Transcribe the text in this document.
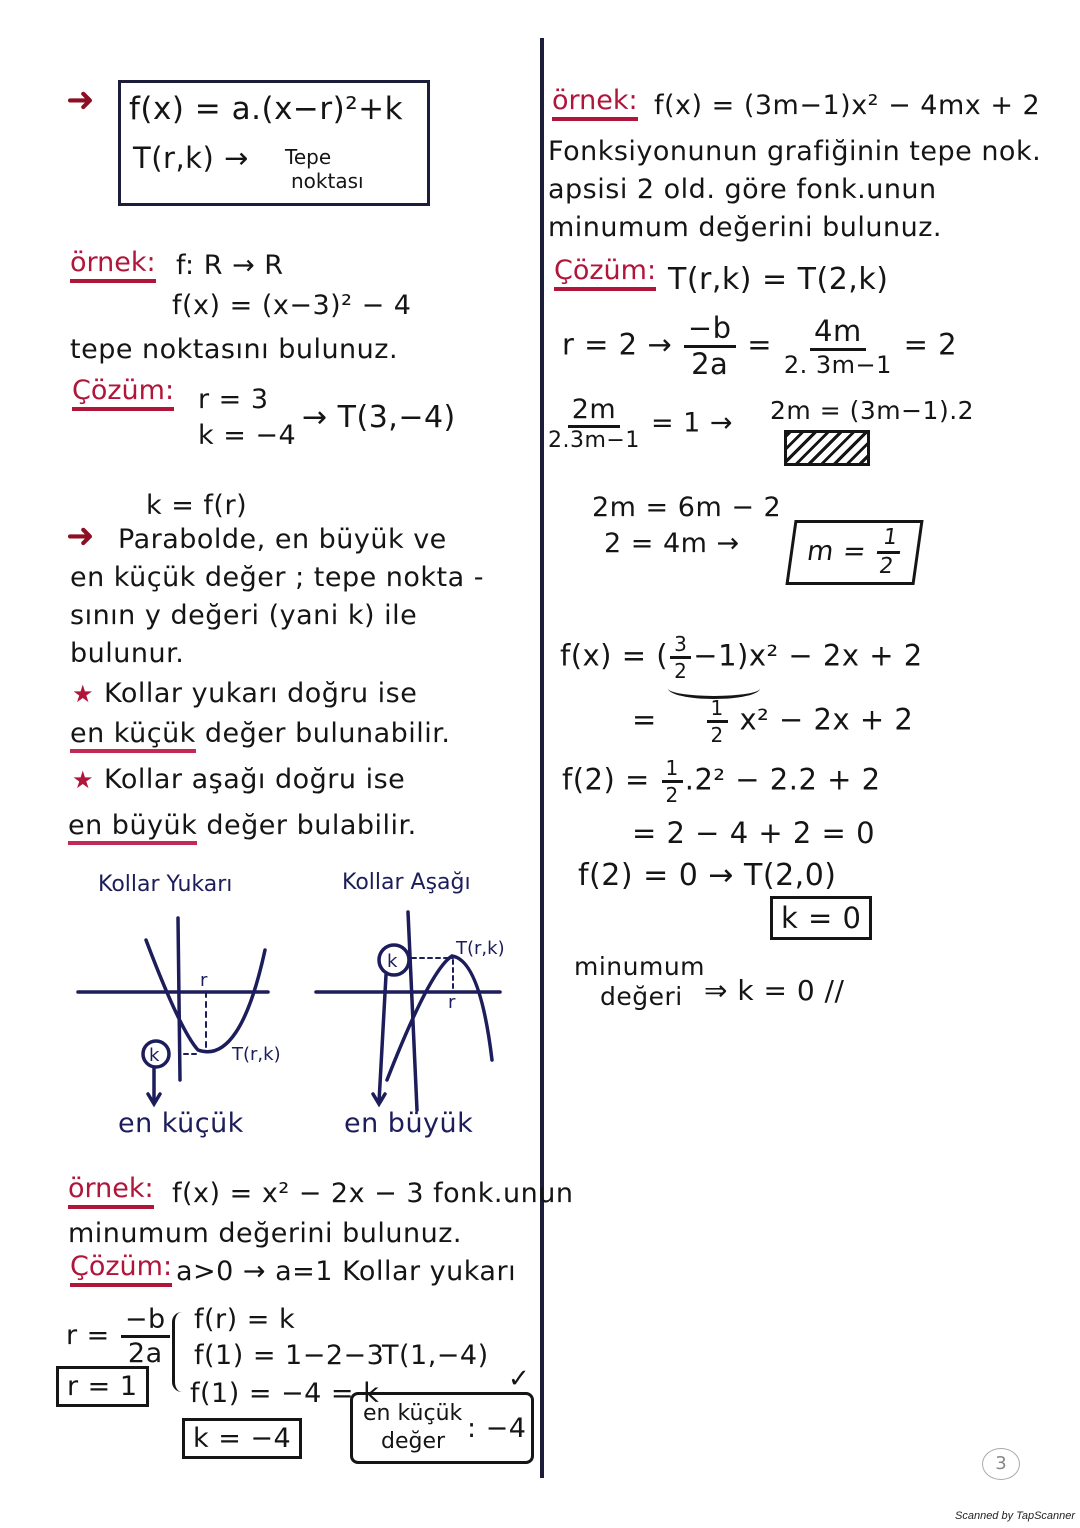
➜ f(x) = a.(x−r)²+k
T(r,k) → Tepe
noktası
örnek: f: R → R
f(x) = (x−3)² − 4
tepe noktasını bulunuz.
Çözüm: r = 3
k = −4
→ T(3,−4)
k = f(r)
➜ Parabolde, en büyük ve
en küçük değer ; tepe nokta -
sının y değeri (yani k) ile
bulunur.
★ Kollar yukarı doğru ise
en küçük değer bulunabilir.
★ Kollar aşağı doğru ise
en büyük değer bulabilir.
Kollar Yukarı	Kollar Aşağı
r
k	T(r,k)
r
k
T(r,k)
en küçük	en büyük
örnek: f(x) = x² − 2x − 3 fonk.unun
minumum değerini bulunuz.
Çözüm: a>0 → a=1 Kollar yukarı
$r = \frac{-b}{2a}$
r = 1
f(r) = k
f(1) = 1−2−3
T(1,−4)
f(1) = −4 = k
k = −4
en küçük
değer : −4
✓
örnek: f(x) = (3m−1)x² − 4mx + 2
Fonksiyonunun grafiğinin tepe nok.
apsisi 2 old. göre fonk.unun
minumum değerini bulunuz.
Çözüm: T(r,k) = T(2,k)
$r = 2 \to \frac{-b}{2a} = \frac{4m}{2. 3m-1} = 2$
$\frac{2m}{2.3m-1} = 1 \to 2m = (3m-1).2$
2m = 6m − 2
2 = 4m →	$m = \frac{1}{2}$
f(x) = ( $\frac{3}{2} -1)x^2 - 2x + 2$
= $\frac{1}{2} x^2 - 2x + 2$
$f(2) = \frac{1}{2} .2^2 - 2.2 + 2$
= 2 − 4 + 2 = 0
f(2) = 0 → T(2,0)
k = 0
minumum
değeri ⇒ k = 0 //
3
Scanned by TapScanner
